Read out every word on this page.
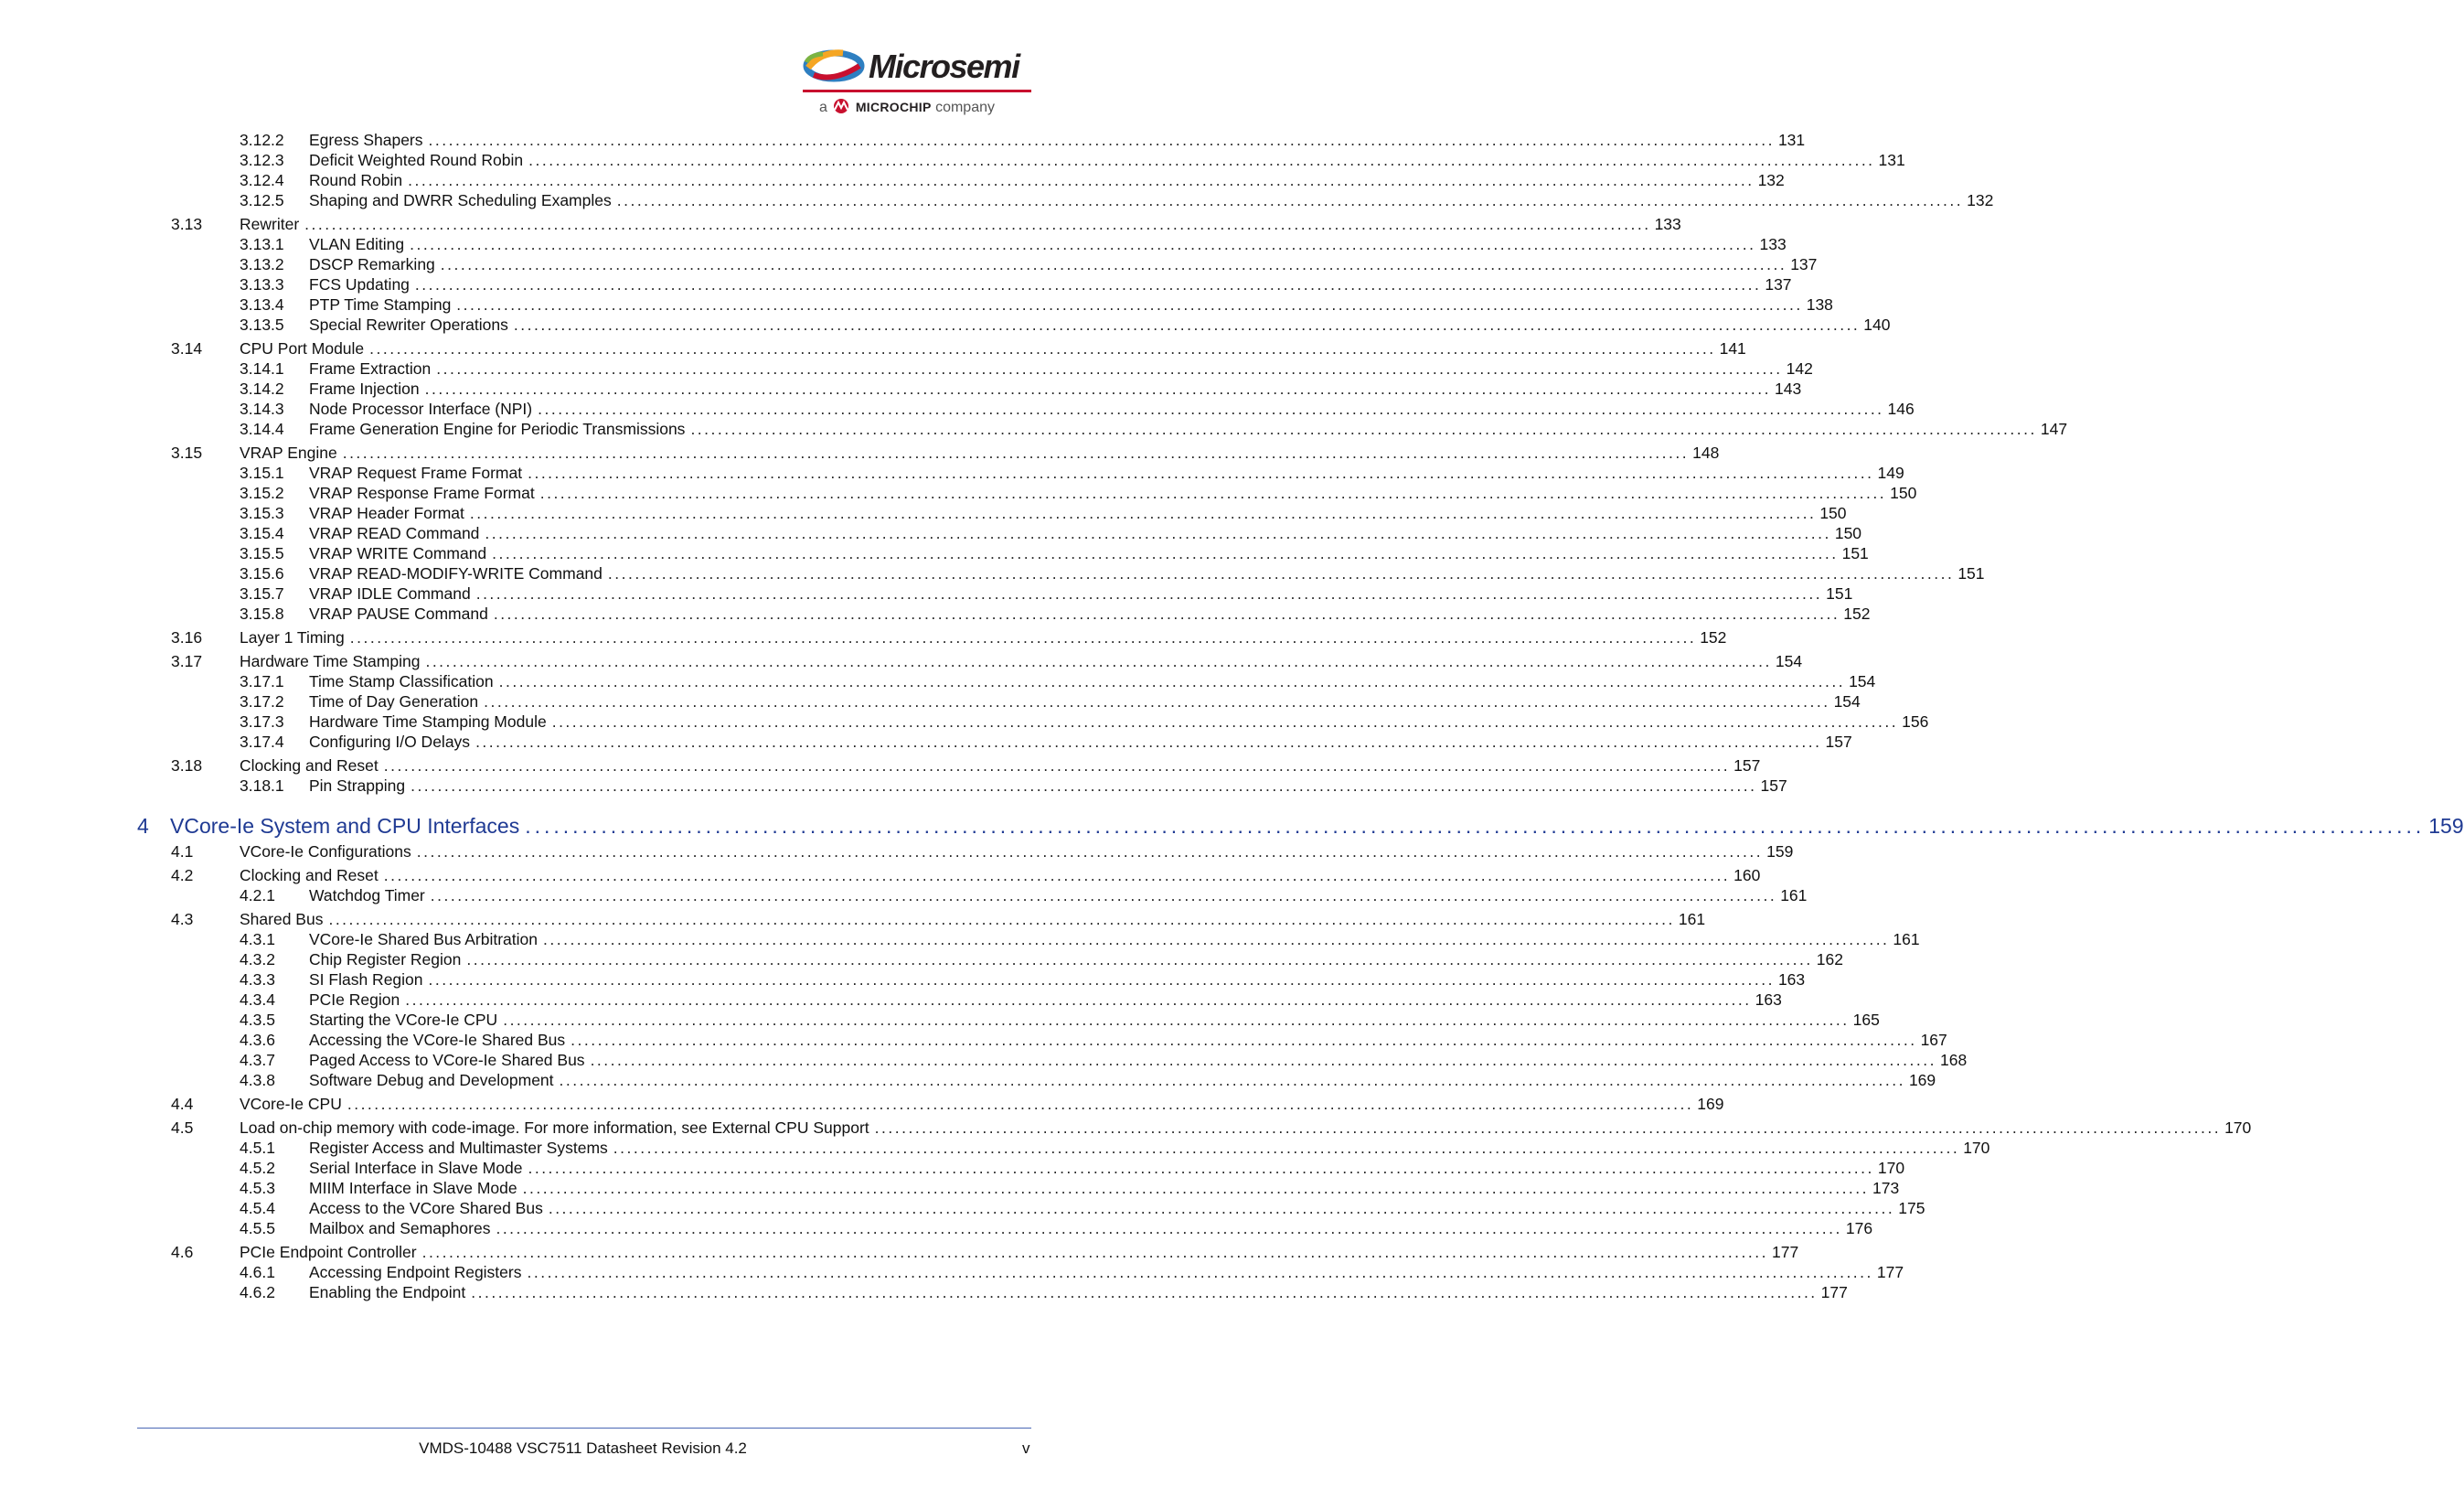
Microsemi
a MICROCHIP company
3.12.2 Egress Shapers ........................................................................................................................................................................................................ 131
3.12.3 Deficit Weighted Round Robin ........................................................................................................................................................................................................ 131
3.12.4 Round Robin ........................................................................................................................................................................................................ 132
3.12.5 Shaping and DWRR Scheduling Examples ........................................................................................................................................................................................................ 132
3.13 Rewriter ........................................................................................................................................................................................................ 133
3.13.1 VLAN Editing ........................................................................................................................................................................................................ 133
3.13.2 DSCP Remarking ........................................................................................................................................................................................................ 137
3.13.3 FCS Updating ........................................................................................................................................................................................................ 137
3.13.4 PTP Time Stamping ........................................................................................................................................................................................................ 138
3.13.5 Special Rewriter Operations ........................................................................................................................................................................................................ 140
3.14 CPU Port Module ........................................................................................................................................................................................................ 141
3.14.1 Frame Extraction ........................................................................................................................................................................................................ 142
3.14.2 Frame Injection ........................................................................................................................................................................................................ 143
3.14.3 Node Processor Interface (NPI) ........................................................................................................................................................................................................ 146
3.14.4 Frame Generation Engine for Periodic Transmissions ........................................................................................................................................................................................................ 147
3.15 VRAP Engine ........................................................................................................................................................................................................ 148
3.15.1 VRAP Request Frame Format ........................................................................................................................................................................................................ 149
3.15.2 VRAP Response Frame Format ........................................................................................................................................................................................................ 150
3.15.3 VRAP Header Format ........................................................................................................................................................................................................ 150
3.15.4 VRAP READ Command ........................................................................................................................................................................................................ 150
3.15.5 VRAP WRITE Command ........................................................................................................................................................................................................ 151
3.15.6 VRAP READ-MODIFY-WRITE Command ........................................................................................................................................................................................................ 151
3.15.7 VRAP IDLE Command ........................................................................................................................................................................................................ 151
3.15.8 VRAP PAUSE Command ........................................................................................................................................................................................................ 152
3.16 Layer 1 Timing ........................................................................................................................................................................................................ 152
3.17 Hardware Time Stamping ........................................................................................................................................................................................................ 154
3.17.1 Time Stamp Classification ........................................................................................................................................................................................................ 154
3.17.2 Time of Day Generation ........................................................................................................................................................................................................ 154
3.17.3 Hardware Time Stamping Module ........................................................................................................................................................................................................ 156
3.17.4 Configuring I/O Delays ........................................................................................................................................................................................................ 157
3.18 Clocking and Reset ........................................................................................................................................................................................................ 157
3.18.1 Pin Strapping ........................................................................................................................................................................................................ 157
4 VCore-Ie System and CPU Interfaces ........................................................................................................................................................................................................ 159
4.1	VCore-Ie Configurations ........................................................................................................................................................................................................ 159
4.2	Clocking and Reset ........................................................................................................................................................................................................ 160
4.2.1 Watchdog Timer ........................................................................................................................................................................................................ 161
4.3	Shared Bus ........................................................................................................................................................................................................ 161
4.3.1 VCore-Ie Shared Bus Arbitration ........................................................................................................................................................................................................ 161
4.3.2 Chip Register Region ........................................................................................................................................................................................................ 162
4.3.3 SI Flash Region ........................................................................................................................................................................................................ 163
4.3.4 PCIe Region ........................................................................................................................................................................................................ 163
4.3.5 Starting the VCore-Ie CPU ........................................................................................................................................................................................................ 165
4.3.6 Accessing the VCore-Ie Shared Bus ........................................................................................................................................................................................................ 167
4.3.7 Paged Access to VCore-Ie Shared Bus ........................................................................................................................................................................................................ 168
4.3.8 Software Debug and Development ........................................................................................................................................................................................................ 169
4.4	VCore-Ie CPU ........................................................................................................................................................................................................ 169
4.5	Load on-chip memory with code-image. For more information, see External CPU Support ........................................................................................................................................................................................................ 170
4.5.1 Register Access and Multimaster Systems ........................................................................................................................................................................................................ 170
4.5.2 Serial Interface in Slave Mode ........................................................................................................................................................................................................ 170
4.5.3 MIIM Interface in Slave Mode ........................................................................................................................................................................................................ 173
4.5.4 Access to the VCore Shared Bus ........................................................................................................................................................................................................ 175
4.5.5 Mailbox and Semaphores ........................................................................................................................................................................................................ 176
4.6	PCIe Endpoint Controller ........................................................................................................................................................................................................ 177
4.6.1 Accessing Endpoint Registers ........................................................................................................................................................................................................ 177
4.6.2 Enabling the Endpoint ........................................................................................................................................................................................................ 177
VMDS-10488 VSC7511 Datasheet Revision 4.2	v
